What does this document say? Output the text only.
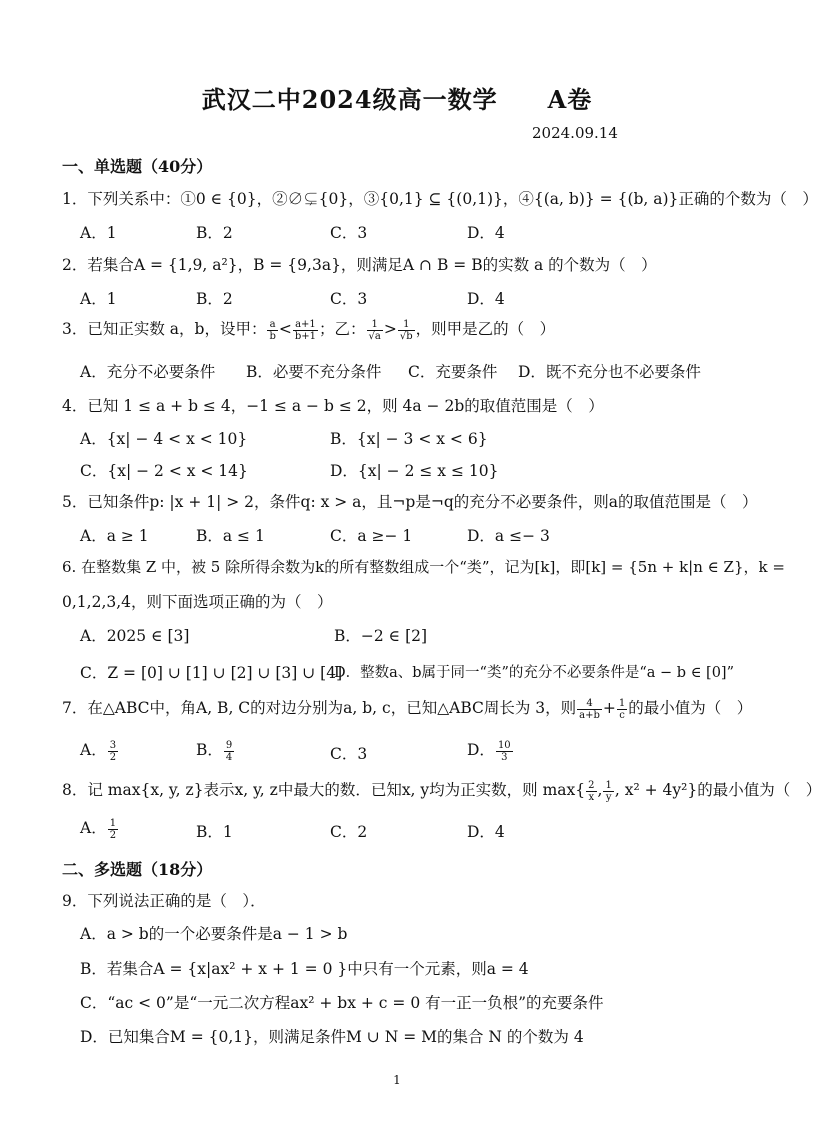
武汉二中2024级高一数学　　A卷
2024.09.14
一、单选题（40分）
1．下列关系中：①0 ∈ {0}，②∅⊊{0}，③{0,1} ⊆ {(0,1)}，④{(a, b)} = {(b, a)}正确的个数为（　）
A．1	B．2	C．3	D．4
2．若集合A = {1,9, a²}，B = {9,3a}，则满足A ∩ B = B的实数 a 的个数为（　）
A．1	B．2	C．3	D．4
3．已知正实数 a，b，设甲： $\frac{a}{b} < \frac{a+1}{b+1}$ ；乙： $\frac{1}{√a} > \frac{1}{√b}$ ，则甲是乙的（　）
A．充分不必要条件 B．必要不充分条件 C．充要条件 D．既不充分也不必要条件
4．已知 1 ≤ a + b ≤ 4，−1 ≤ a − b ≤ 2，则 4a − 2b的取值范围是（　）
A．{x| − 4 < x < 10}	B．{x| − 3 < x < 6}
C．{x| − 2 < x < 14}	D．{x| − 2 ≤ x ≤ 10}
5．已知条件p: |x + 1| > 2，条件q: x > a，且¬p是¬q的充分不必要条件，则a的取值范围是（　）
A．a ≥ 1	B．a ≤ 1	C．a ≥− 1	D．a ≤− 3
6. 在整数集 Z 中，被 5 除所得余数为k的所有整数组成一个“类”，记为[k]，即[k] = {5n + k|n ∈ Z}，k =
0,1,2,3,4，则下面选项正确的为（　）
A．2025 ∈ [3]	B．−2 ∈ [2]
C．Z = [0] ∪ [1] ∪ [2] ∪ [3] ∪ [4]
D．整数a、b属于同一“类”的充分不必要条件是“a − b ∈ [0]”
7．在△ABC中，角A, B, C的对边分别为a, b, c，已知△ABC周长为 3，则 $\frac{4}{a+b} + \frac{1}{c}$ 的最小值为（　）
A． $\frac{3}{2}$	B． $\frac{9}{4}$	C．3	D． $\frac{10}{3}$
8．记 max{x, y, z}表示x, y, z中最大的数．已知x, y均为正实数，则 $\max\{ \frac{2}{x}$ , $\frac{1}{y}$ , x² + 4y²}的最小值为（　）
A． $\frac{1}{2}$	B．1	C．2	D．4
二、多选题（18分）
9．下列说法正确的是（　）．
A．a > b的一个必要条件是a − 1 > b
B．若集合A = {x|ax² + x + 1 = 0 }中只有一个元素，则a = 4
C．“ac < 0”是“一元二次方程ax² + bx + c = 0 有一正一负根”的充要条件
D．已知集合M = {0,1}，则满足条件M ∪ N = M的集合 N 的个数为 4
1
